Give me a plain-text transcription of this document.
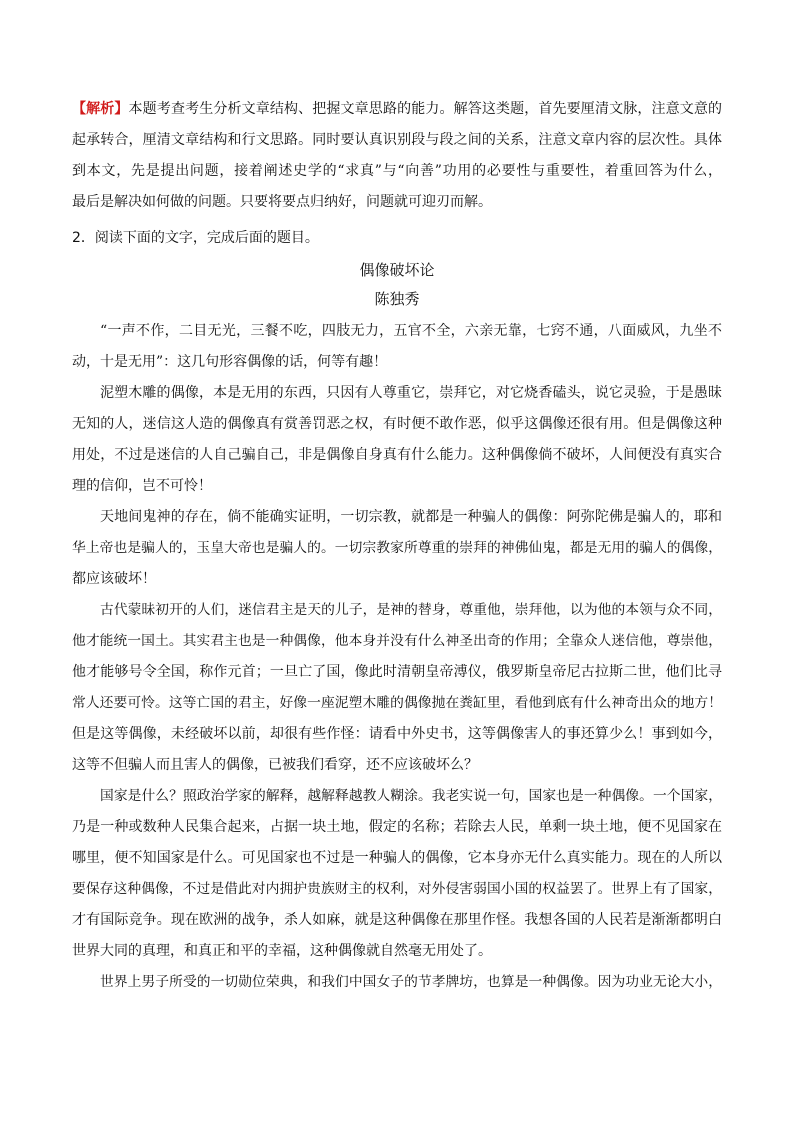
【解析】本题考查考生分析文章结构、把握文章思路的能力。解答这类题，首先要厘清文脉，注意文意的
起承转合，厘清文章结构和行文思路。同时要认真识别段与段之间的关系，注意文章内容的层次性。具体
到本文，先是提出问题，接着阐述史学的“求真”与“向善”功用的必要性与重要性，着重回答为什么，
最后是解决如何做的问题。只要将要点归纳好，问题就可迎刃而解。
2．阅读下面的文字，完成后面的题目。
偶像破坏论
陈独秀
“一声不作，二目无光，三餐不吃，四肢无力，五官不全，六亲无靠，七窍不通，八面威风，九坐不
动，十是无用”：这几句形容偶像的话，何等有趣！
泥塑木雕的偶像，本是无用的东西，只因有人尊重它，崇拜它，对它烧香磕头，说它灵验，于是愚昧
无知的人，迷信这人造的偶像真有赏善罚恶之权，有时便不敢作恶，似乎这偶像还很有用。但是偶像这种
用处，不过是迷信的人自己骗自己，非是偶像自身真有什么能力。这种偶像倘不破坏，人间便没有真实合
理的信仰，岂不可怜！
天地间鬼神的存在，倘不能确实证明，一切宗教，就都是一种骗人的偶像：阿弥陀佛是骗人的，耶和
华上帝也是骗人的，玉皇大帝也是骗人的。一切宗教家所尊重的崇拜的神佛仙鬼，都是无用的骗人的偶像，
都应该破坏！
古代蒙昧初开的人们，迷信君主是天的儿子，是神的替身，尊重他，崇拜他，以为他的本领与众不同，
他才能统一国土。其实君主也是一种偶像，他本身并没有什么神圣出奇的作用；全靠众人迷信他，尊崇他，
他才能够号令全国，称作元首；一旦亡了国，像此时清朝皇帝溥仪，俄罗斯皇帝尼古拉斯二世，他们比寻
常人还要可怜。这等亡国的君主，好像一座泥塑木雕的偶像抛在粪缸里，看他到底有什么神奇出众的地方！
但是这等偶像，未经破坏以前，却很有些作怪：请看中外史书，这等偶像害人的事还算少么！事到如今，
这等不但骗人而且害人的偶像，已被我们看穿，还不应该破坏么？
国家是什么？照政治学家的解释，越解释越教人糊涂。我老实说一句，国家也是一种偶像。一个国家，
乃是一种或数种人民集合起来，占据一块土地，假定的名称；若除去人民，单剩一块土地，便不见国家在
哪里，便不知国家是什么。可见国家也不过是一种骗人的偶像，它本身亦无什么真实能力。现在的人所以
要保存这种偶像，不过是借此对内拥护贵族财主的权利，对外侵害弱国小国的权益罢了。世界上有了国家，
才有国际竞争。现在欧洲的战争，杀人如麻，就是这种偶像在那里作怪。我想各国的人民若是渐渐都明白
世界大同的真理，和真正和平的幸福，这种偶像就自然毫无用处了。
世界上男子所受的一切勋位荣典，和我们中国女子的节孝牌坊，也算是一种偶像。因为功业无论大小，
